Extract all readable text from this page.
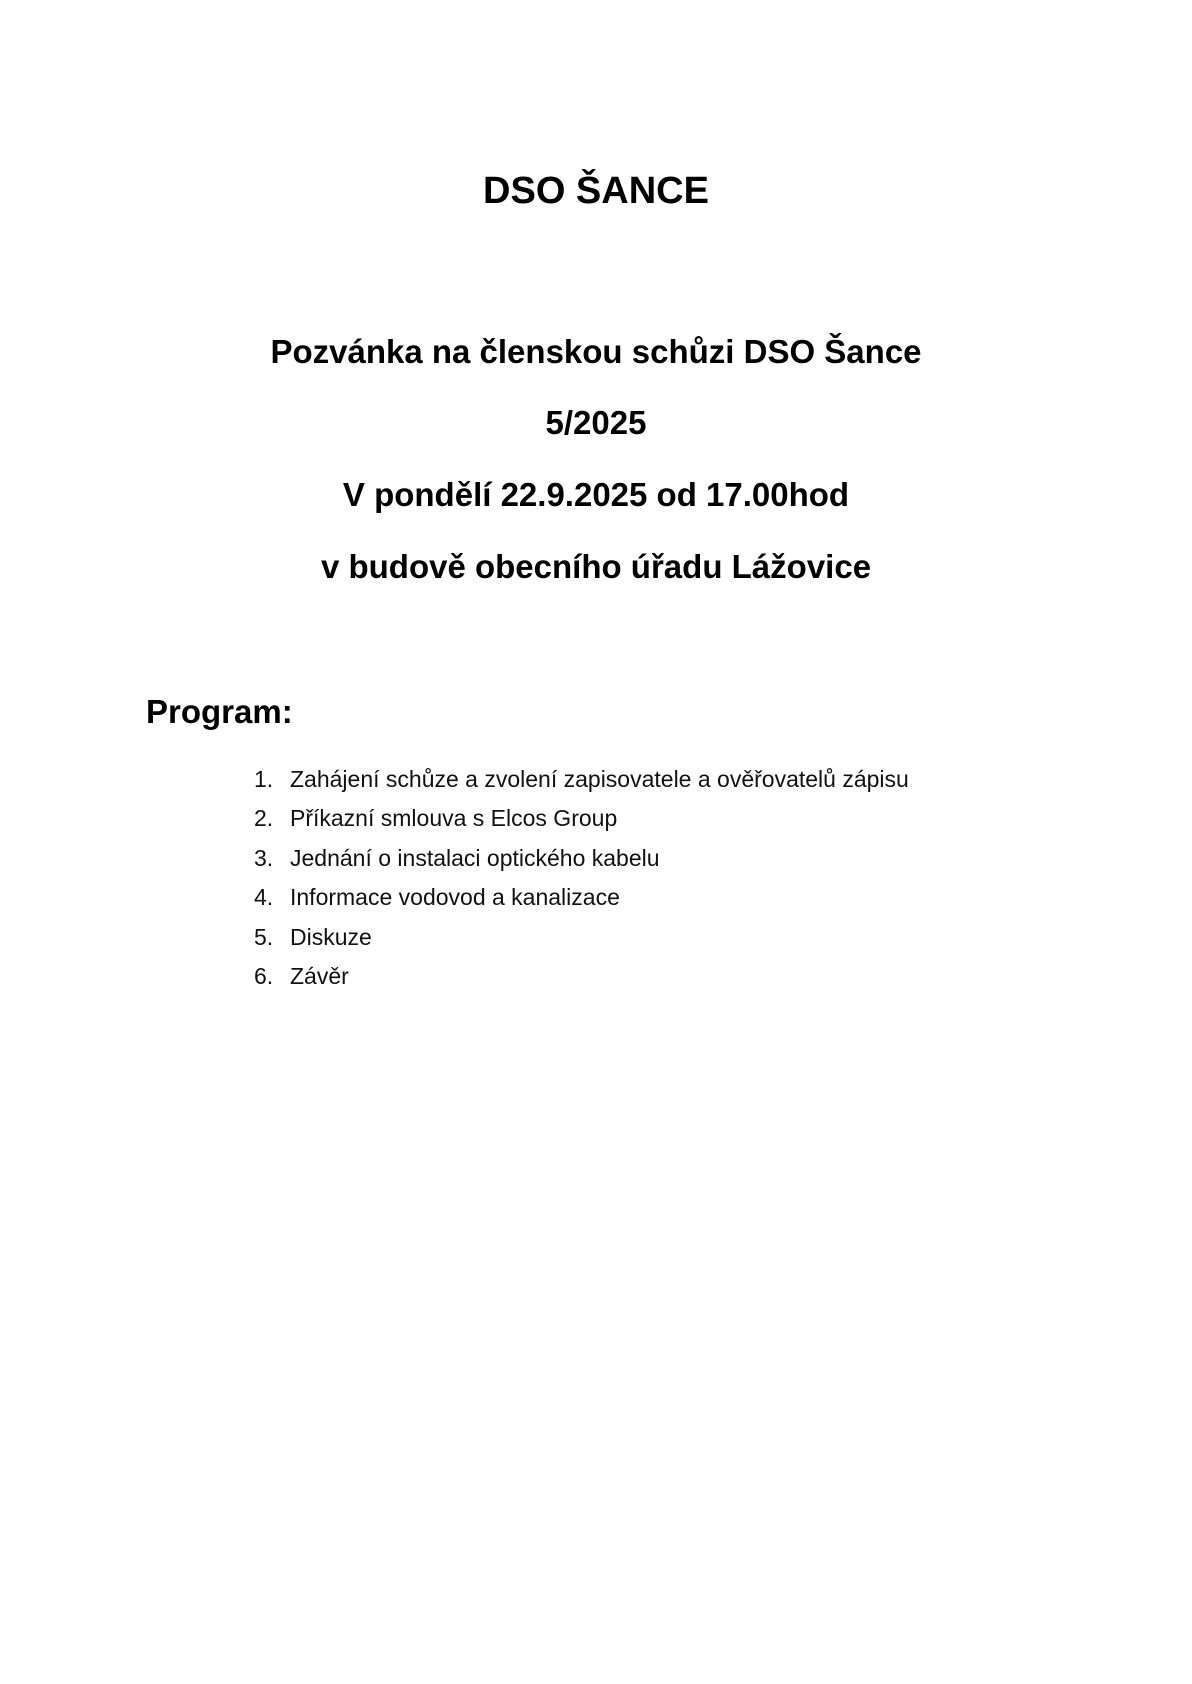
DSO ŠANCE

Pozvánka na členskou schůzi DSO Šance

5/2025

V pondělí 22.9.2025 od 17.00hod

v budově obecního úřadu Lážovice

Program:
1. Zahájení schůze a zvolení zapisovatele a ověřovatelů zápisu
2. Příkazní smlouva s Elcos Group
3. Jednání o instalaci optického kabelu
4. Informace vodovod a kanalizace
5. Diskuze
6. Závěr
